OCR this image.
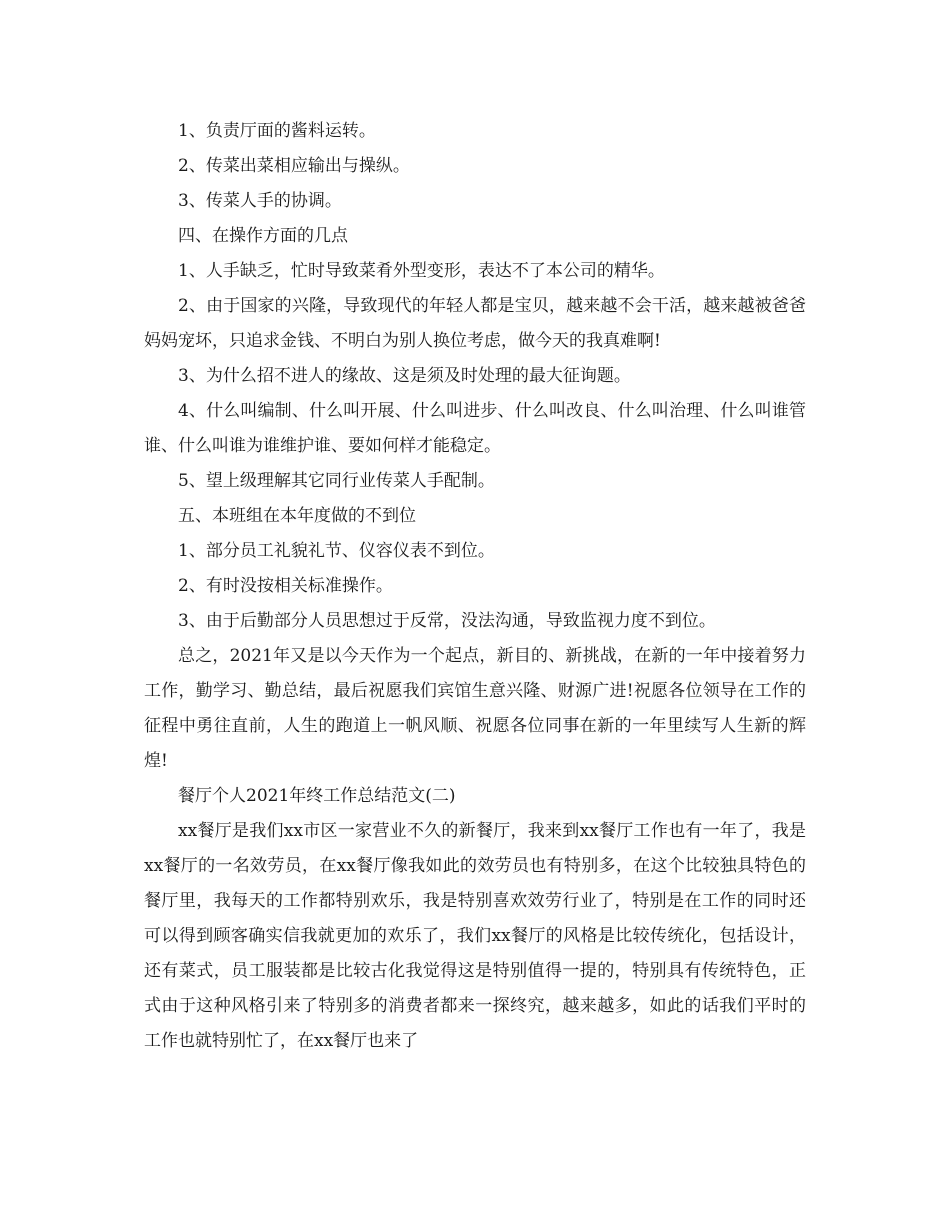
1、负责厅面的酱料运转。

2、传菜出菜相应输出与操纵。

3、传菜人手的协调。

四、在操作方面的几点

1、人手缺乏，忙时导致菜肴外型变形，表达不了本公司的精华。

2、由于国家的兴隆，导致现代的年轻人都是宝贝，越来越不会干活，越来越被爸爸妈妈宠坏，只追求金钱、不明白为别人换位考虑，做今天的我真难啊!

3、为什么招不进人的缘故、这是须及时处理的最大征询题。

4、什么叫编制、什么叫开展、什么叫进步、什么叫改良、什么叫治理、什么叫谁管谁、什么叫谁为谁维护谁、要如何样才能稳定。

5、望上级理解其它同行业传菜人手配制。

五、本班组在本年度做的不到位

1、部分员工礼貌礼节、仪容仪表不到位。

2、有时没按相关标准操作。

3、由于后勤部分人员思想过于反常，没法沟通，导致监视力度不到位。

总之，2021年又是以今天作为一个起点，新目的、新挑战，在新的一年中接着努力工作，勤学习、勤总结，最后祝愿我们宾馆生意兴隆、财源广进!祝愿各位领导在工作的征程中勇往直前，人生的跑道上一帆风顺、祝愿各位同事在新的一年里续写人生新的辉煌!

餐厅个人2021年终工作总结范文(二)

xx餐厅是我们xx市区一家营业不久的新餐厅，我来到xx餐厅工作也有一年了，我是xx餐厅的一名效劳员，在xx餐厅像我如此的效劳员也有特别多，在这个比较独具特色的餐厅里，我每天的工作都特别欢乐，我是特别喜欢效劳行业了，特别是在工作的同时还可以得到顾客确实信我就更加的欢乐了，我们xx餐厅的风格是比较传统化，包括设计，还有菜式，员工服装都是比较古化我觉得这是特别值得一提的，特别具有传统特色，正式由于这种风格引来了特别多的消费者都来一探终究，越来越多，如此的话我们平时的工作也就特别忙了，在xx餐厅也来了
